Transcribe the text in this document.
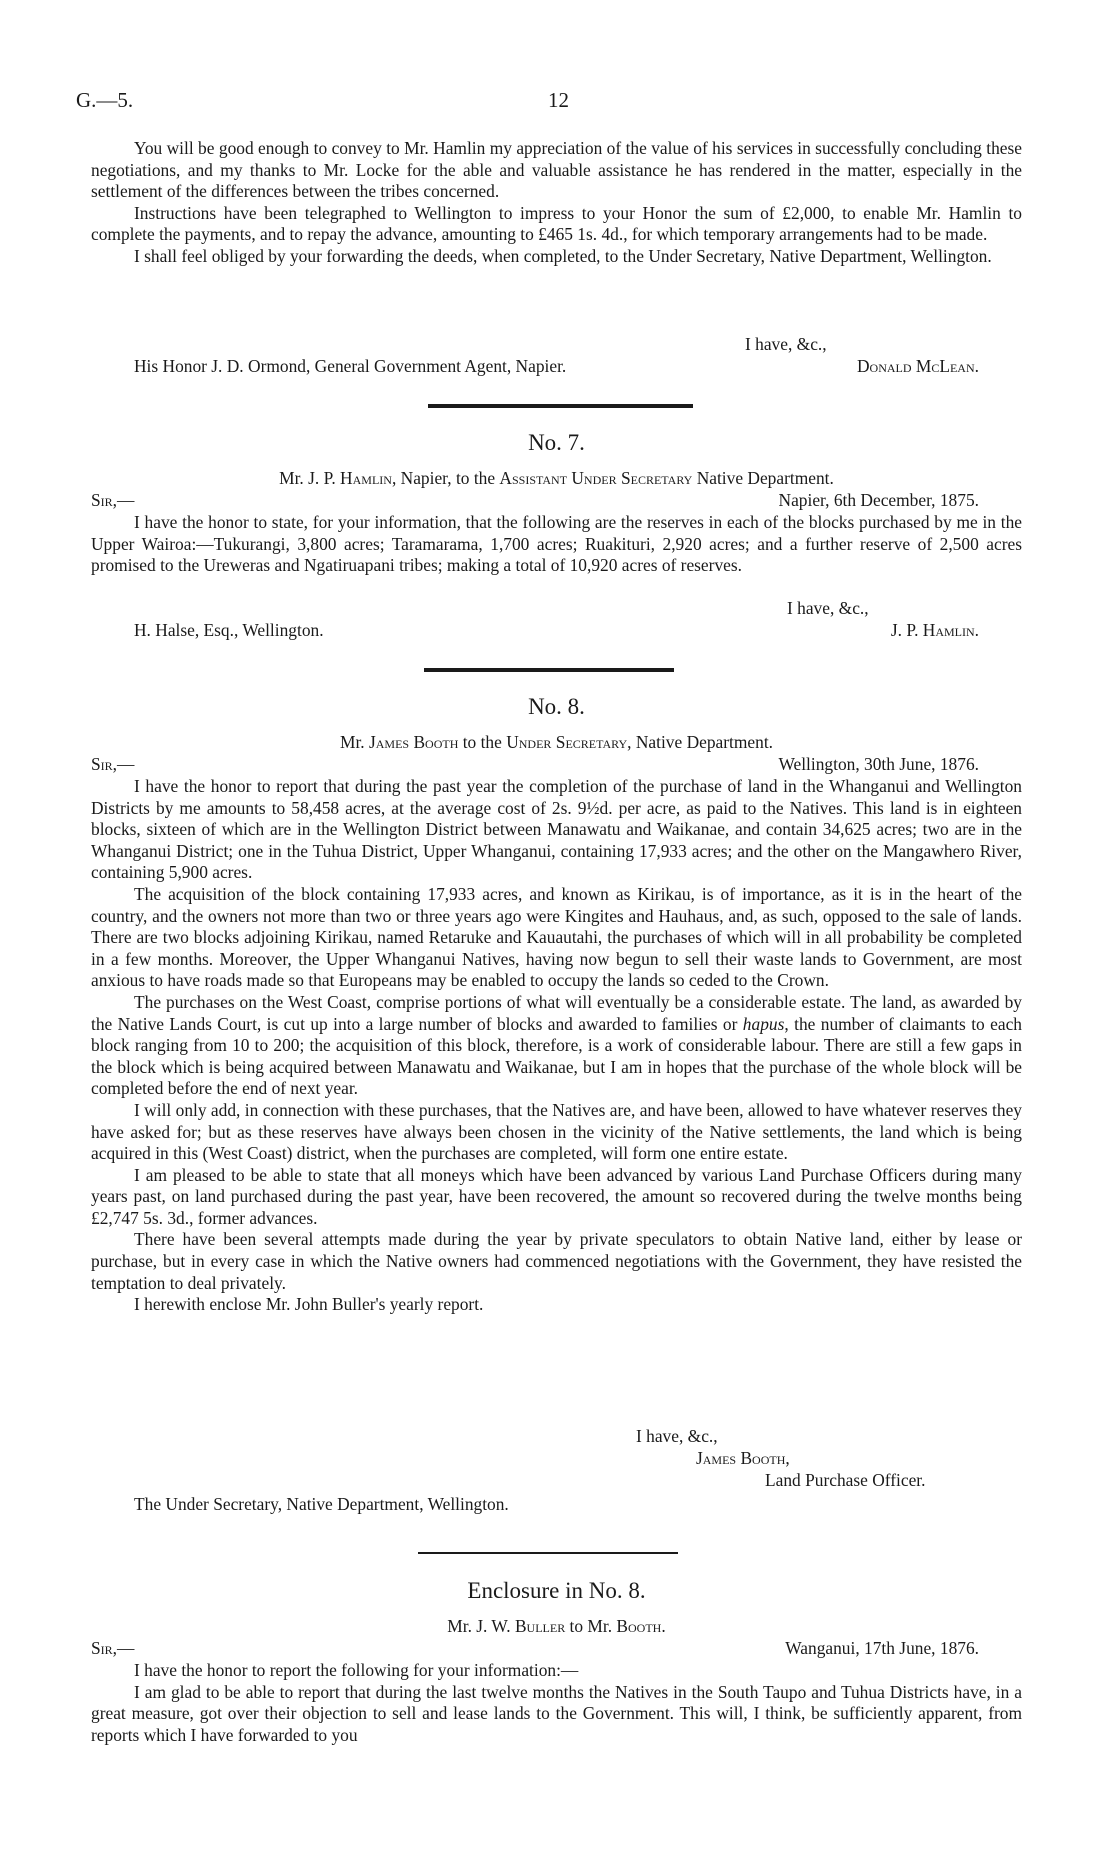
G.—5.	12

You will be good enough to convey to Mr. Hamlin my appreciation of the value of his services in successfully concluding these negotiations, and my thanks to Mr. Locke for the able and valuable assistance he has rendered in the matter, especially in the settlement of the differences between the tribes concerned.

Instructions have been telegraphed to Wellington to impress to your Honor the sum of £2,000, to enable Mr. Hamlin to complete the payments, and to repay the advance, amounting to £465 1s. 4d., for which temporary arrangements had to be made.

I shall feel obliged by your forwarding the deeds, when completed, to the Under Secretary, Native Department, Wellington.

I have, &c.,
His Honor J. D. Ormond, General Government Agent, Napier.	Donald McLean.
No. 7.
Mr. J. P. Hamlin, Napier, to the Assistant Under Secretary Native Department.
Sir,—	Napier, 6th December, 1875.

I have the honor to state, for your information, that the following are the reserves in each of the blocks purchased by me in the Upper Wairoa:—Tukurangi, 3,800 acres; Taramarama, 1,700 acres; Ruakituri, 2,920 acres; and a further reserve of 2,500 acres promised to the Ureweras and Ngatiruapani tribes; making a total of 10,920 acres of reserves.

I have, &c.,
H. Halse, Esq., Wellington.	J. P. Hamlin.
No. 8.
Mr. James Booth to the Under Secretary, Native Department.
Sir,—	Wellington, 30th June, 1876.

I have the honor to report that during the past year the completion of the purchase of land in the Whanganui and Wellington Districts by me amounts to 58,458 acres, at the average cost of 2s. 9½d. per acre, as paid to the Natives. This land is in eighteen blocks, sixteen of which are in the Wellington District between Manawatu and Waikanae, and contain 34,625 acres; two are in the Whanganui District; one in the Tuhua District, Upper Whanganui, containing 17,933 acres; and the other on the Mangawhero River, containing 5,900 acres.

The acquisition of the block containing 17,933 acres, and known as Kirikau, is of importance, as it is in the heart of the country, and the owners not more than two or three years ago were Kingites and Hauhaus, and, as such, opposed to the sale of lands. There are two blocks adjoining Kirikau, named Retaruke and Kauautahi, the purchases of which will in all probability be completed in a few months. Moreover, the Upper Whanganui Natives, having now begun to sell their waste lands to Government, are most anxious to have roads made so that Europeans may be enabled to occupy the lands so ceded to the Crown.

The purchases on the West Coast, comprise portions of what will eventually be a considerable estate. The land, as awarded by the Native Lands Court, is cut up into a large number of blocks and awarded to families or hapus, the number of claimants to each block ranging from 10 to 200; the acquisition of this block, therefore, is a work of considerable labour. There are still a few gaps in the block which is being acquired between Manawatu and Waikanae, but I am in hopes that the purchase of the whole block will be completed before the end of next year.

I will only add, in connection with these purchases, that the Natives are, and have been, allowed to have whatever reserves they have asked for; but as these reserves have always been chosen in the vicinity of the Native settlements, the land which is being acquired in this (West Coast) district, when the purchases are completed, will form one entire estate.

I am pleased to be able to state that all moneys which have been advanced by various Land Purchase Officers during many years past, on land purchased during the past year, have been recovered, the amount so recovered during the twelve months being £2,747 5s. 3d., former advances.

There have been several attempts made during the year by private speculators to obtain Native land, either by lease or purchase, but in every case in which the Native owners had commenced negotiations with the Government, they have resisted the temptation to deal privately.

I herewith enclose Mr. John Buller's yearly report.

I have, &c.,
James Booth,
Land Purchase Officer.
The Under Secretary, Native Department, Wellington.
Enclosure in No. 8.
Mr. J. W. Buller to Mr. Booth.
Sir,—	Wanganui, 17th June, 1876.

I have the honor to report the following for your information:—

I am glad to be able to report that during the last twelve months the Natives in the South Taupo and Tuhua Districts have, in a great measure, got over their objection to sell and lease lands to the Government. This will, I think, be sufficiently apparent, from reports which I have forwarded to you
